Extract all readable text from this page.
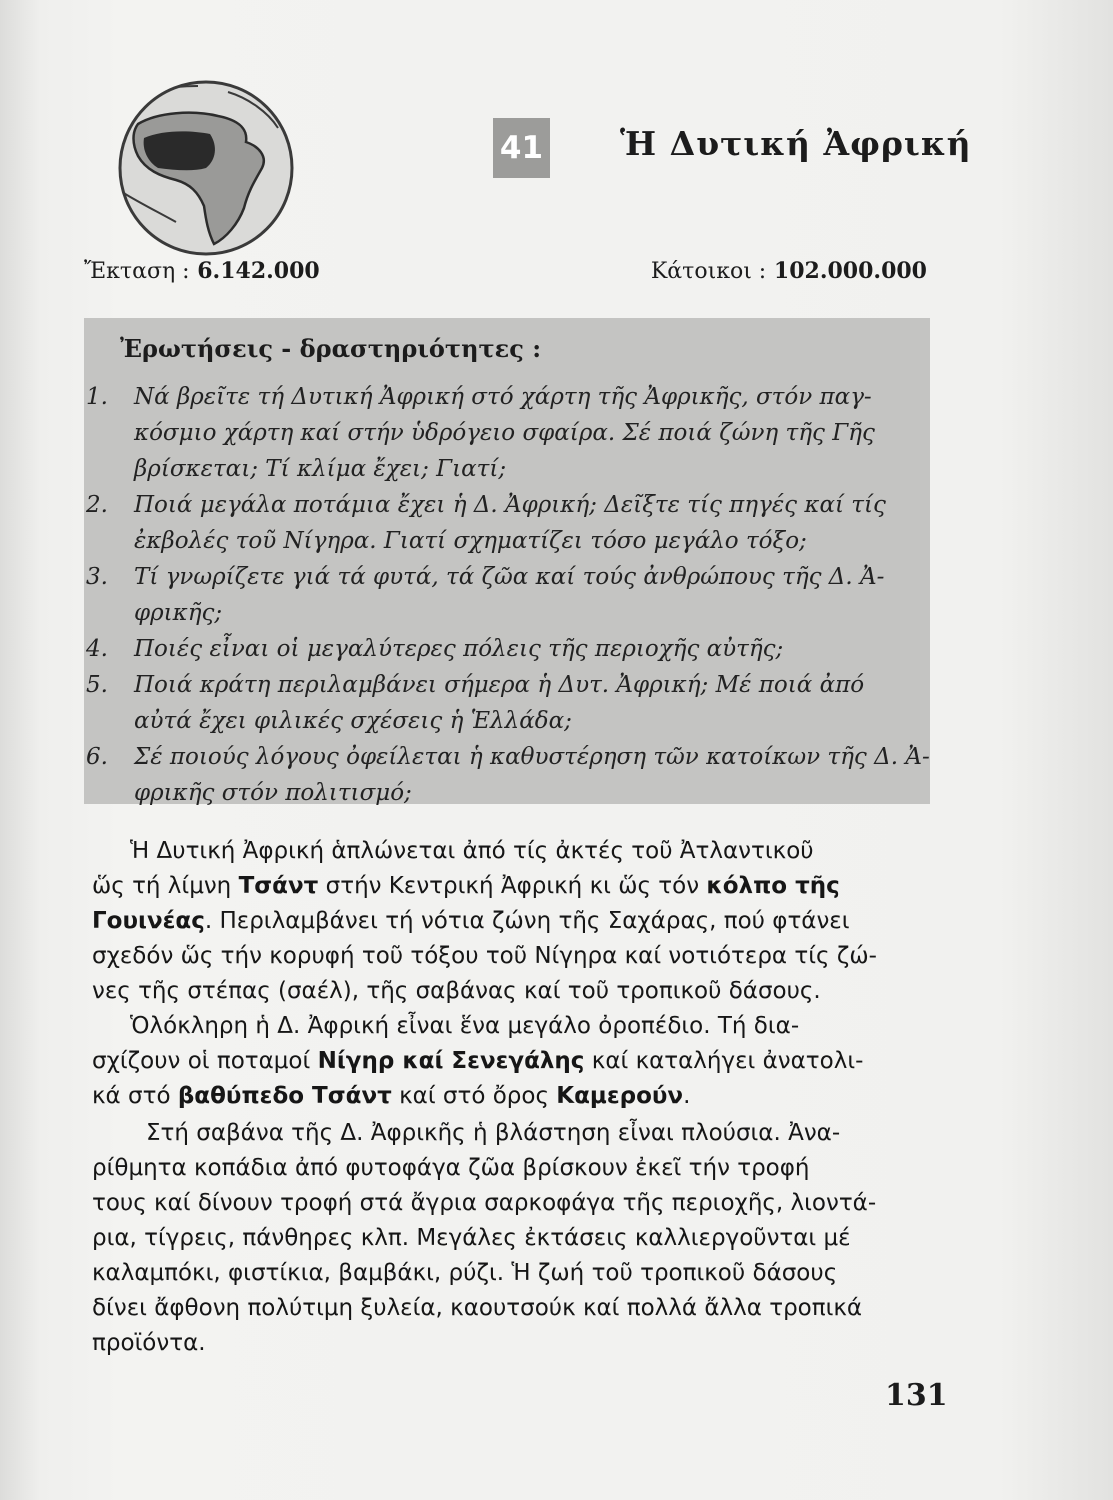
41 Ἡ Δυτική Ἀφρική
Ἔκταση : 6.142.000	Κάτοικοι : 102.000.000
Ἐρωτήσεις - δραστηριότητες :
1. Νά βρεῖτε τή Δυτική Ἀφρική στό χάρτη τῆς Ἀφρικῆς, στόν παγ-
κόσμιο χάρτη καί στήν ὑδρόγειο σφαίρα. Σέ ποιά ζώνη τῆς Γῆς
βρίσκεται; Τί κλίμα ἔχει; Γιατί;
2. Ποιά μεγάλα ποτάμια ἔχει ἡ Δ. Ἀφρική; Δεῖξτε τίς πηγές καί τίς
ἐκβολές τοῦ Νίγηρα. Γιατί σχηματίζει τόσο μεγάλο τόξο;
3. Τί γνωρίζετε γιά τά φυτά, τά ζῶα καί τούς ἀνθρώπους τῆς Δ. Ἀ-
φρικῆς;
4. Ποιές εἶναι οἱ μεγαλύτερες πόλεις τῆς περιοχῆς αὐτῆς;
5. Ποιά κράτη περιλαμβάνει σήμερα ἡ Δυτ. Ἀφρική; Μέ ποιά ἀπό
αὐτά ἔχει φιλικές σχέσεις ἡ Ἑλλάδα;
6. Σέ ποιούς λόγους ὀφείλεται ἡ καθυστέρηση τῶν κατοίκων τῆς Δ. Ἀ-
φρικῆς στόν πολιτισμό;
Ἡ Δυτική Ἀφρική ἁπλώνεται ἀπό τίς ἀκτές τοῦ Ἀτλαντικοῦ
ὥς τή λίμνη Τσάντ στήν Κεντρική Ἀφρική κι ὥς τόν κόλπο τῆς
Γουινέας. Περιλαμβάνει τή νότια ζώνη τῆς Σαχάρας, πού φτάνει
σχεδόν ὥς τήν κορυφή τοῦ τόξου τοῦ Νίγηρα καί νοτιότερα τίς ζώ-
νες τῆς στέπας (σαέλ), τῆς σαβάνας καί τοῦ τροπικοῦ δάσους.
Ὁλόκληρη ἡ Δ. Ἀφρική εἶναι ἕνα μεγάλο ὀροπέδιο. Τή δια-
σχίζουν οἱ ποταμοί Νίγηρ καί Σενεγάλης καί καταλήγει ἀνατολι-
κά στό βαθύπεδο Τσάντ καί στό ὄρος Καμερούν.
Στή σαβάνα τῆς Δ. Ἀφρικῆς ἡ βλάστηση εἶναι πλούσια. Ἀνα-
ρίθμητα κοπάδια ἀπό φυτοφάγα ζῶα βρίσκουν ἐκεῖ τήν τροφή
τους καί δίνουν τροφή στά ἄγρια σαρκοφάγα τῆς περιοχῆς, λιοντά-
ρια, τίγρεις, πάνθηρες κλπ. Μεγάλες ἐκτάσεις καλλιεργοῦνται μέ
καλαμπόκι, φιστίκια, βαμβάκι, ρύζι. Ἡ ζωή τοῦ τροπικοῦ δάσους
δίνει ἄφθονη πολύτιμη ξυλεία, καουτσούκ καί πολλά ἄλλα τροπικά
προϊόντα.
131
